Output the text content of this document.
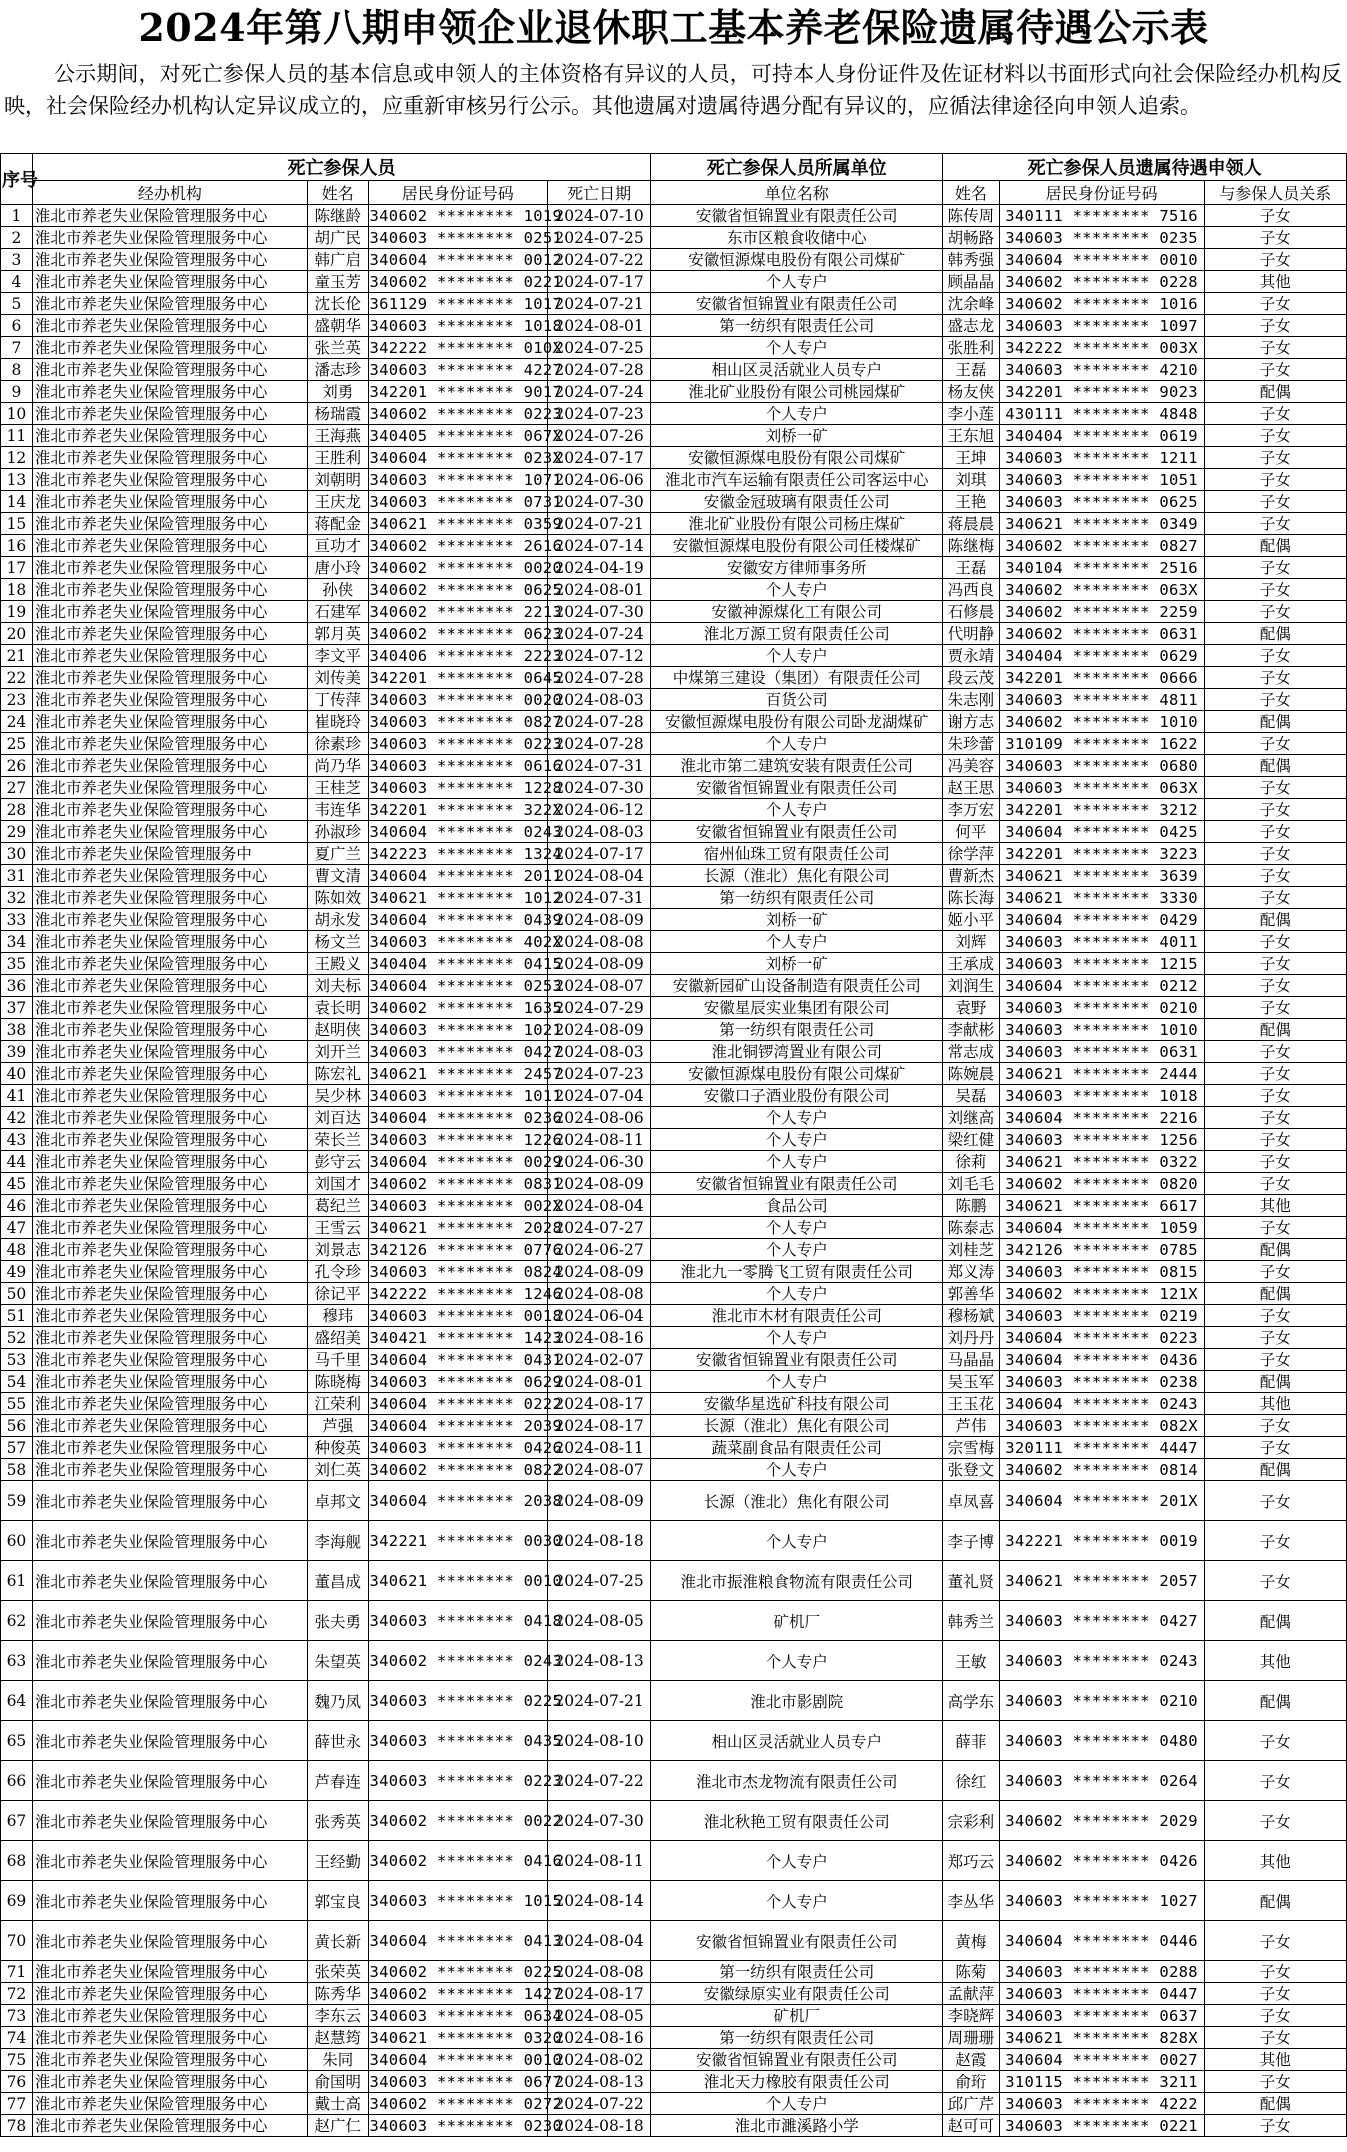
2024年第八期申领企业退休职工基本养老保险遗属待遇公示表
公示期间，对死亡参保人员的基本信息或申领人的主体资格有异议的人员，可持本人身份证件及佐证材料以书面形式向社会保险经办机构反映，社会保险经办机构认定异议成立的，应重新审核另行公示。其他遗属对遗属待遇分配有异议的，应循法律途径向申领人追索。
序号	死亡参保人员				死亡参保人员所属单位	死亡参保人员遗属待遇申领人		
	经办机构	姓名	居民身份证号码	死亡日期	单位名称	姓名	居民身份证号码	与参保人员关系
1	淮北市养老失业保险管理服务中心	陈继龄	340602 ******** 1019	2024-07-10	安徽省恒锦置业有限责任公司	陈传周	340111 ******** 7516	子女
2	淮北市养老失业保险管理服务中心	胡广民	340603 ******** 0251	2024-07-25	东市区粮食收储中心	胡畅路	340603 ******** 0235	子女
3	淮北市养老失业保险管理服务中心	韩广启	340604 ******** 0012	2024-07-22	安徽恒源煤电股份有限公司煤矿	韩秀强	340604 ******** 0010	子女
4	淮北市养老失业保险管理服务中心	童玉芳	340602 ******** 0221	2024-07-17	个人专户	顾晶晶	340602 ******** 0228	其他
5	淮北市养老失业保险管理服务中心	沈长伦	361129 ******** 1017	2024-07-21	安徽省恒锦置业有限责任公司	沈余峰	340602 ******** 1016	子女
6	淮北市养老失业保险管理服务中心	盛朝华	340603 ******** 1018	2024-08-01	第一纺织有限责任公司	盛志龙	340603 ******** 1097	子女
7	淮北市养老失业保险管理服务中心	张兰英	342222 ******** 010X	2024-07-25	个人专户	张胜利	342222 ******** 003X	子女
8	淮北市养老失业保险管理服务中心	潘志珍	340603 ******** 4227	2024-07-28	相山区灵活就业人员专户	王磊	340603 ******** 4210	子女
9	淮北市养老失业保险管理服务中心	刘勇	342201 ******** 9017	2024-07-24	淮北矿业股份有限公司桃园煤矿	杨友侠	342201 ******** 9023	配偶
10	淮北市养老失业保险管理服务中心	杨瑞霞	340602 ******** 0223	2024-07-23	个人专户	李小莲	430111 ******** 4848	子女
11	淮北市养老失业保险管理服务中心	王海燕	340405 ******** 067X	2024-07-26	刘桥一矿	王东旭	340404 ******** 0619	子女
12	淮北市养老失业保险管理服务中心	王胜利	340604 ******** 023X	2024-07-17	安徽恒源煤电股份有限公司煤矿	王坤	340603 ******** 1211	子女
13	淮北市养老失业保险管理服务中心	刘朝明	340603 ******** 1071	2024-06-06	淮北市汽车运输有限责任公司客运中心	刘琪	340603 ******** 1051	子女
14	淮北市养老失业保险管理服务中心	王庆龙	340603 ******** 0731	2024-07-30	安徽金冠玻璃有限责任公司	王艳	340603 ******** 0625	子女
15	淮北市养老失业保险管理服务中心	蒋配金	340621 ******** 0359	2024-07-21	淮北矿业股份有限公司杨庄煤矿	蒋晨晨	340621 ******** 0349	子女
16	淮北市养老失业保险管理服务中心	亘功才	340602 ******** 2616	2024-07-14	安徽恒源煤电股份有限公司任楼煤矿	陈继梅	340602 ******** 0827	配偶
17	淮北市养老失业保险管理服务中心	唐小玲	340602 ******** 0020	2024-04-19	安徽安方律师事务所	王磊	340104 ******** 2516	子女
18	淮北市养老失业保险管理服务中心	孙侠	340602 ******** 0625	2024-08-01	个人专户	冯西良	340602 ******** 063X	子女
19	淮北市养老失业保险管理服务中心	石建军	340602 ******** 2213	2024-07-30	安徽神源煤化工有限公司	石修晨	340602 ******** 2259	子女
20	淮北市养老失业保险管理服务中心	郭月英	340602 ******** 0623	2024-07-24	淮北万源工贸有限责任公司	代明静	340602 ******** 0631	配偶
21	淮北市养老失业保险管理服务中心	李文平	340406 ******** 2223	2024-07-12	个人专户	贾永靖	340404 ******** 0629	子女
22	淮北市养老失业保险管理服务中心	刘传美	342201 ******** 0645	2024-07-28	中煤第三建设（集团）有限责任公司	段云茂	342201 ******** 0666	子女
23	淮北市养老失业保险管理服务中心	丁传萍	340603 ******** 0020	2024-08-03	百货公司	朱志刚	340603 ******** 4811	子女
24	淮北市养老失业保险管理服务中心	崔晓玲	340603 ******** 0827	2024-07-28	安徽恒源煤电股份有限公司卧龙湖煤矿	谢方志	340602 ******** 1010	配偶
25	淮北市养老失业保险管理服务中心	徐素珍	340603 ******** 0223	2024-07-28	个人专户	朱珍蕾	310109 ******** 1622	子女
26	淮北市养老失业保险管理服务中心	尚乃华	340603 ******** 0616	2024-07-31	淮北市第二建筑安装有限责任公司	冯美容	340603 ******** 0680	配偶
27	淮北市养老失业保险管理服务中心	王桂芝	340603 ******** 1228	2024-07-30	安徽省恒锦置业有限责任公司	赵王思	340603 ******** 063X	子女
28	淮北市养老失业保险管理服务中心	韦连华	342201 ******** 322X	2024-06-12	个人专户	李万宏	342201 ******** 3212	子女
29	淮北市养老失业保险管理服务中心	孙淑珍	340604 ******** 0243	2024-08-03	安徽省恒锦置业有限责任公司	何平	340604 ******** 0425	子女
30	淮北市养老失业保险管理服务中	夏广兰	342223 ******** 1324	2024-07-17	宿州仙珠工贸有限责任公司	徐学萍	342201 ******** 3223	子女
31	淮北市养老失业保险管理服务中心	曹文清	340604 ******** 2011	2024-08-04	长源（淮北）焦化有限公司	曹新杰	340621 ******** 3639	子女
32	淮北市养老失业保险管理服务中心	陈如效	340621 ******** 1012	2024-07-31	第一纺织有限责任公司	陈长海	340621 ******** 3330	子女
33	淮北市养老失业保险管理服务中心	胡永发	340604 ******** 0439	2024-08-09	刘桥一矿	姬小平	340604 ******** 0429	配偶
34	淮北市养老失业保险管理服务中心	杨文兰	340603 ******** 402X	2024-08-08	个人专户	刘辉	340603 ******** 4011	子女
35	淮北市养老失业保险管理服务中心	王殿义	340404 ******** 0415	2024-08-09	刘桥一矿	王承成	340603 ******** 1215	子女
36	淮北市养老失业保险管理服务中心	刘夫标	340604 ******** 0253	2024-08-07	安徽新园矿山设备制造有限责任公司	刘润生	340604 ******** 0212	子女
37	淮北市养老失业保险管理服务中心	袁长明	340602 ******** 1635	2024-07-29	安徽星辰实业集团有限公司	袁野	340603 ******** 0210	子女
38	淮北市养老失业保险管理服务中心	赵明侠	340603 ******** 1021	2024-08-09	第一纺织有限责任公司	李献彬	340603 ******** 1010	配偶
39	淮北市养老失业保险管理服务中心	刘开兰	340603 ******** 0427	2024-08-03	淮北铜锣湾置业有限公司	常志成	340603 ******** 0631	子女
40	淮北市养老失业保险管理服务中心	陈宏礼	340621 ******** 2457	2024-07-23	安徽恒源煤电股份有限公司煤矿	陈婉晨	340621 ******** 2444	子女
41	淮北市养老失业保险管理服务中心	吴少林	340603 ******** 1011	2024-07-04	安徽口子酒业股份有限公司	吴磊	340603 ******** 1018	子女
42	淮北市养老失业保险管理服务中心	刘百达	340604 ******** 0236	2024-08-06	个人专户	刘继高	340604 ******** 2216	子女
43	淮北市养老失业保险管理服务中心	荣长兰	340603 ******** 1226	2024-08-11	个人专户	梁红健	340603 ******** 1256	子女
44	淮北市养老失业保险管理服务中心	彭守云	340604 ******** 0029	2024-06-30	个人专户	徐莉	340621 ******** 0322	子女
45	淮北市养老失业保险管理服务中心	刘国才	340602 ******** 0831	2024-08-09	安徽省恒锦置业有限责任公司	刘毛毛	340602 ******** 0820	子女
46	淮北市养老失业保险管理服务中心	葛纪兰	340603 ******** 002X	2024-08-04	食品公司	陈鹏	340621 ******** 6617	其他
47	淮北市养老失业保险管理服务中心	王雪云	340621 ******** 2028	2024-07-27	个人专户	陈泰志	340604 ******** 1059	子女
48	淮北市养老失业保险管理服务中心	刘景志	342126 ******** 0776	2024-06-27	个人专户	刘桂芝	342126 ******** 0785	配偶
49	淮北市养老失业保险管理服务中心	孔令珍	340603 ******** 0824	2024-08-09	淮北九一零腾飞工贸有限责任公司	郑义涛	340603 ******** 0815	子女
50	淮北市养老失业保险管理服务中心	徐记平	342222 ******** 1246	2024-08-08	个人专户	郭善华	340602 ******** 121X	配偶
51	淮北市养老失业保险管理服务中心	穆玮	340603 ******** 0018	2024-06-04	淮北市木材有限责任公司	穆杨斌	340603 ******** 0219	子女
52	淮北市养老失业保险管理服务中心	盛绍美	340421 ******** 1423	2024-08-16	个人专户	刘丹丹	340604 ******** 0223	子女
53	淮北市养老失业保险管理服务中心	马千里	340604 ******** 0431	2024-02-07	安徽省恒锦置业有限责任公司	马晶晶	340604 ******** 0436	子女
54	淮北市养老失业保险管理服务中心	陈晓梅	340603 ******** 0629	2024-08-01	个人专户	吴玉军	340603 ******** 0238	配偶
55	淮北市养老失业保险管理服务中心	江荣利	340604 ******** 0222	2024-08-17	安徽华星选矿科技有限公司	王玉花	340604 ******** 0243	其他
56	淮北市养老失业保险管理服务中心	芦强	340604 ******** 2039	2024-08-17	长源（淮北）焦化有限公司	芦伟	340603 ******** 082X	子女
57	淮北市养老失业保险管理服务中心	种俊英	340603 ******** 0426	2024-08-11	蔬菜副食品有限责任公司	宗雪梅	320111 ******** 4447	子女
58	淮北市养老失业保险管理服务中心	刘仁英	340602 ******** 0822	2024-08-07	个人专户	张登文	340602 ******** 0814	配偶
59	淮北市养老失业保险管理服务中心	卓邦文	340604 ******** 2038	2024-08-09	长源（淮北）焦化有限公司	卓凤喜	340604 ******** 201X	子女
60	淮北市养老失业保险管理服务中心	李海舰	342221 ******** 0030	2024-08-18	个人专户	李子博	342221 ******** 0019	子女
61	淮北市养老失业保险管理服务中心	董昌成	340621 ******** 0010	2024-07-25	淮北市振淮粮食物流有限责任公司	董礼贤	340621 ******** 2057	子女
62	淮北市养老失业保险管理服务中心	张夫勇	340603 ******** 0418	2024-08-05	矿机厂	韩秀兰	340603 ******** 0427	配偶
63	淮北市养老失业保险管理服务中心	朱望英	340602 ******** 0243	2024-08-13	个人专户	王敏	340603 ******** 0243	其他
64	淮北市养老失业保险管理服务中心	魏乃凤	340603 ******** 0225	2024-07-21	淮北市影剧院	高学东	340603 ******** 0210	配偶
65	淮北市养老失业保险管理服务中心	薛世永	340603 ******** 0435	2024-08-10	相山区灵活就业人员专户	薛菲	340603 ******** 0480	子女
66	淮北市养老失业保险管理服务中心	芦春连	340603 ******** 0223	2024-07-22	淮北市杰龙物流有限责任公司	徐红	340603 ******** 0264	子女
67	淮北市养老失业保险管理服务中心	张秀英	340602 ******** 0022	2024-07-30	淮北秋艳工贸有限责任公司	宗彩利	340602 ******** 2029	子女
68	淮北市养老失业保险管理服务中心	王经勤	340602 ******** 0416	2024-08-11	个人专户	郑巧云	340602 ******** 0426	其他
69	淮北市养老失业保险管理服务中心	郭宝良	340603 ******** 1015	2024-08-14	个人专户	李丛华	340603 ******** 1027	配偶
70	淮北市养老失业保险管理服务中心	黄长新	340604 ******** 0413	2024-08-04	安徽省恒锦置业有限责任公司	黄梅	340604 ******** 0446	子女
71	淮北市养老失业保险管理服务中心	张荣英	340602 ******** 0225	2024-08-08	第一纺织有限责任公司	陈菊	340603 ******** 0288	子女
72	淮北市养老失业保险管理服务中心	陈秀华	340602 ******** 1427	2024-08-17	安徽绿原实业有限责任公司	孟献萍	340603 ******** 0447	子女
73	淮北市养老失业保险管理服务中心	李东云	340603 ******** 0634	2024-08-05	矿机厂	李晓辉	340603 ******** 0637	子女
74	淮北市养老失业保险管理服务中心	赵慧筠	340621 ******** 0320	2024-08-16	第一纺织有限责任公司	周珊珊	340621 ******** 828X	子女
75	淮北市养老失业保险管理服务中心	朱同	340604 ******** 0010	2024-08-02	安徽省恒锦置业有限责任公司	赵霞	340604 ******** 0027	其他
76	淮北市养老失业保险管理服务中心	俞国明	340603 ******** 0677	2024-08-13	淮北天力橡胶有限责任公司	俞珩	310115 ******** 3211	子女
77	淮北市养老失业保险管理服务中心	戴士高	340602 ******** 0272	2024-07-22	个人专户	邱广芹	340603 ******** 4222	配偶
78	淮北市养老失业保险管理服务中心	赵广仁	340603 ******** 0230	2024-08-18	淮北市濉溪路小学	赵可可	340603 ******** 0221	子女
